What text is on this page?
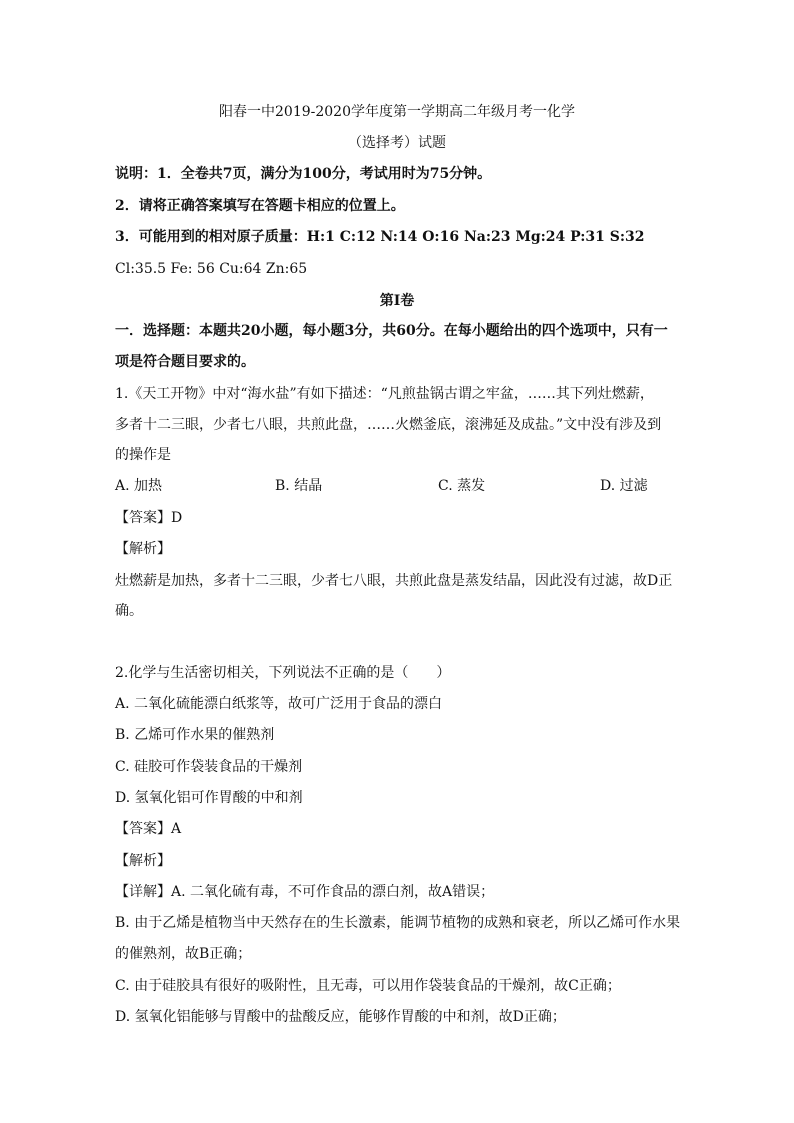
阳春一中2019-2020学年度第一学期高二年级月考一化学
（选择考）试题
说明：1．全卷共7页，满分为100分，考试用时为75分钟。
2．请将正确答案填写在答题卡相应的位置上。
3．可能用到的相对原子质量：H:1 C:12 N:14 O:16 Na:23 Mg:24 P:31 S:32
Cl:35.5 Fe: 56 Cu:64 Zn:65
第Ⅰ卷
一．选择题：本题共20小题，每小题3分，共60分。在每小题给出的四个选项中，只有一
项是符合题目要求的。
1.《天工开物》中对“海水盐”有如下描述：“凡煎盐锅古谓之牢盆，……其下列灶燃薪，
多者十二三眼，少者七八眼，共煎此盘，……火燃釜底，滚沸延及成盐。”文中没有涉及到
的操作是
A. 加热	B. 结晶	C. 蒸发	D. 过滤
【答案】D
【解析】
灶燃薪是加热，多者十二三眼，少者七八眼，共煎此盘是蒸发结晶，因此没有过滤，故D正
确。
2.化学与生活密切相关，下列说法不正确的是（　　）
A. 二氧化硫能漂白纸浆等，故可广泛用于食品的漂白
B. 乙烯可作水果的催熟剂
C. 硅胶可作袋装食品的干燥剂
D. 氢氧化铝可作胃酸的中和剂
【答案】A
【解析】
【详解】A. 二氧化硫有毒，不可作食品的漂白剂，故A错误；
B. 由于乙烯是植物当中天然存在的生长激素，能调节植物的成熟和衰老，所以乙烯可作水果
的催熟剂，故B正确；
C. 由于硅胶具有很好的吸附性，且无毒，可以用作袋装食品的干燥剂，故C正确；
D. 氢氧化铝能够与胃酸中的盐酸反应，能够作胃酸的中和剂，故D正确；
